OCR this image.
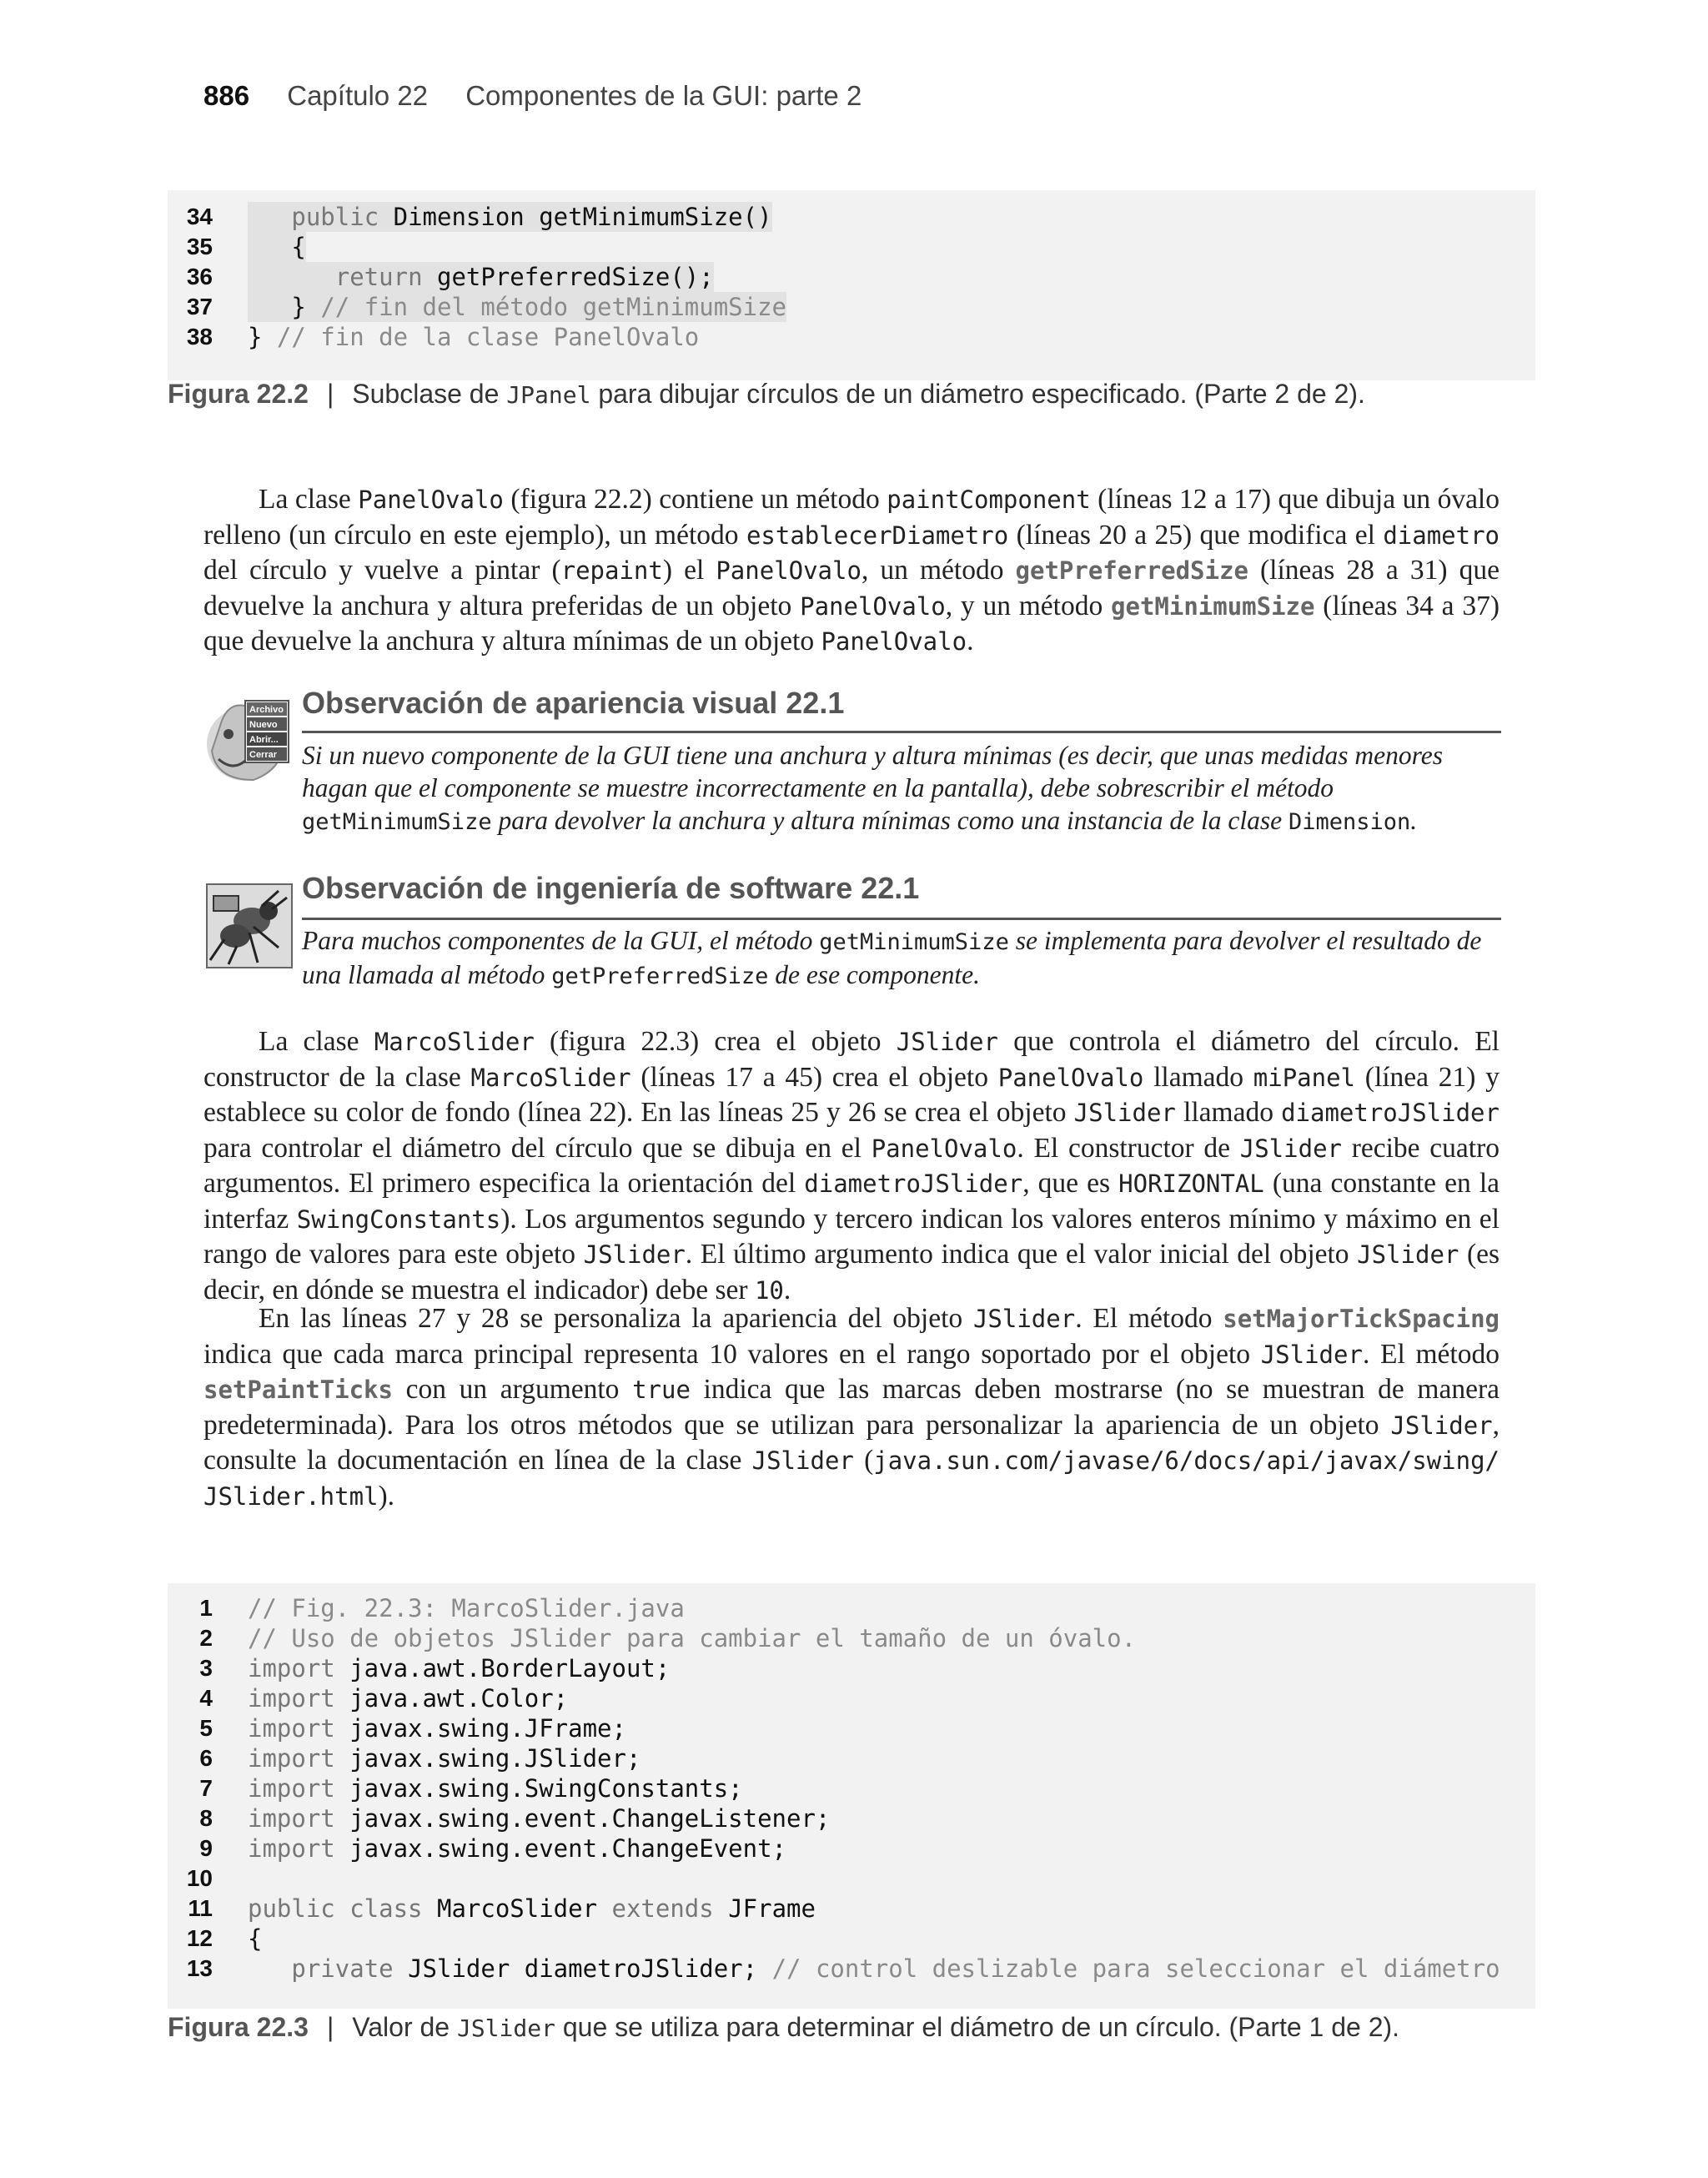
886 Capítulo 22 Componentes de la GUI: parte 2
34	public Dimension getMinimumSize()
35	{
36	return getPreferredSize();
37	} // fin del método getMinimumSize
38 } // fin de la clase PanelOvalo
Figura 22.2 | Subclase de JPanel para dibujar círculos de un diámetro especificado. (Parte 2 de 2).
La clase PanelOvalo (figura 22.2) contiene un método paintComponent (líneas 12 a 17) que dibuja un óvalo relleno (un círculo en este ejemplo), un método establecerDiametro (líneas 20 a 25) que modifica el diametro del círculo y vuelve a pintar (repaint) el PanelOvalo, un método getPreferredSize (líneas 28 a 31) que devuelve la anchura y altura preferidas de un objeto PanelOvalo, y un método getMinimumSize (líneas 34 a 37) que devuelve la anchura y altura mínimas de un objeto PanelOvalo.
Archivo
Nuevo
Abrir...
Cerrar
Observación de apariencia visual 22.1
Si un nuevo componente de la GUI tiene una anchura y altura mínimas (es decir, que unas medidas menores hagan que el componente se muestre incorrectamente en la pantalla), debe sobrescribir el método getMinimumSize para devolver la anchura y altura mínimas como una instancia de la clase Dimension.
Observación de ingeniería de software 22.1
Para muchos componentes de la GUI, el método getMinimumSize se implementa para devolver el resultado de una llamada al método getPreferredSize de ese componente.
La clase MarcoSlider (figura 22.3) crea el objeto JSlider que controla el diámetro del círculo. El constructor de la clase MarcoSlider (líneas 17 a 45) crea el objeto PanelOvalo llamado miPanel (línea 21) y establece su color de fondo (línea 22). En las líneas 25 y 26 se crea el objeto JSlider llamado diametroJSlider para controlar el diámetro del círculo que se dibuja en el PanelOvalo. El constructor de JSlider recibe cuatro argumentos. El primero especifica la orientación del diametroJSlider, que es HORIZONTAL (una constante en la interfaz SwingConstants). Los argumentos segundo y tercero indican los valores enteros mínimo y máximo en el rango de valores para este objeto JSlider. El último argumento indica que el valor inicial del objeto JSlider (es decir, en dónde se muestra el indicador) debe ser 10.
En las líneas 27 y 28 se personaliza la apariencia del objeto JSlider. El método setMajorTickSpacing indica que cada marca principal representa 10 valores en el rango soportado por el objeto JSlider. El método setPaintTicks con un argumento true indica que las marcas deben mostrarse (no se muestran de manera predeterminada). Para los otros métodos que se utilizan para personalizar la apariencia de un objeto JSlider, consulte la documentación en línea de la clase JSlider (java.sun.com/javase/6/docs/api/javax/swing/ JSlider.html).
1 // Fig. 22.3: MarcoSlider.java
2 // Uso de objetos JSlider para cambiar el tamaño de un óvalo.
3 import java.awt.BorderLayout;
4 import java.awt.Color;
5 import javax.swing.JFrame;
6 import javax.swing.JSlider;
7 import javax.swing.SwingConstants;
8 import javax.swing.event.ChangeListener;
9 import javax.swing.event.ChangeEvent;
10
11 public class MarcoSlider extends JFrame
12 {
13	private JSlider diametroJSlider; // control deslizable para seleccionar el diámetro
Figura 22.3 | Valor de JSlider que se utiliza para determinar el diámetro de un círculo. (Parte 1 de 2).
